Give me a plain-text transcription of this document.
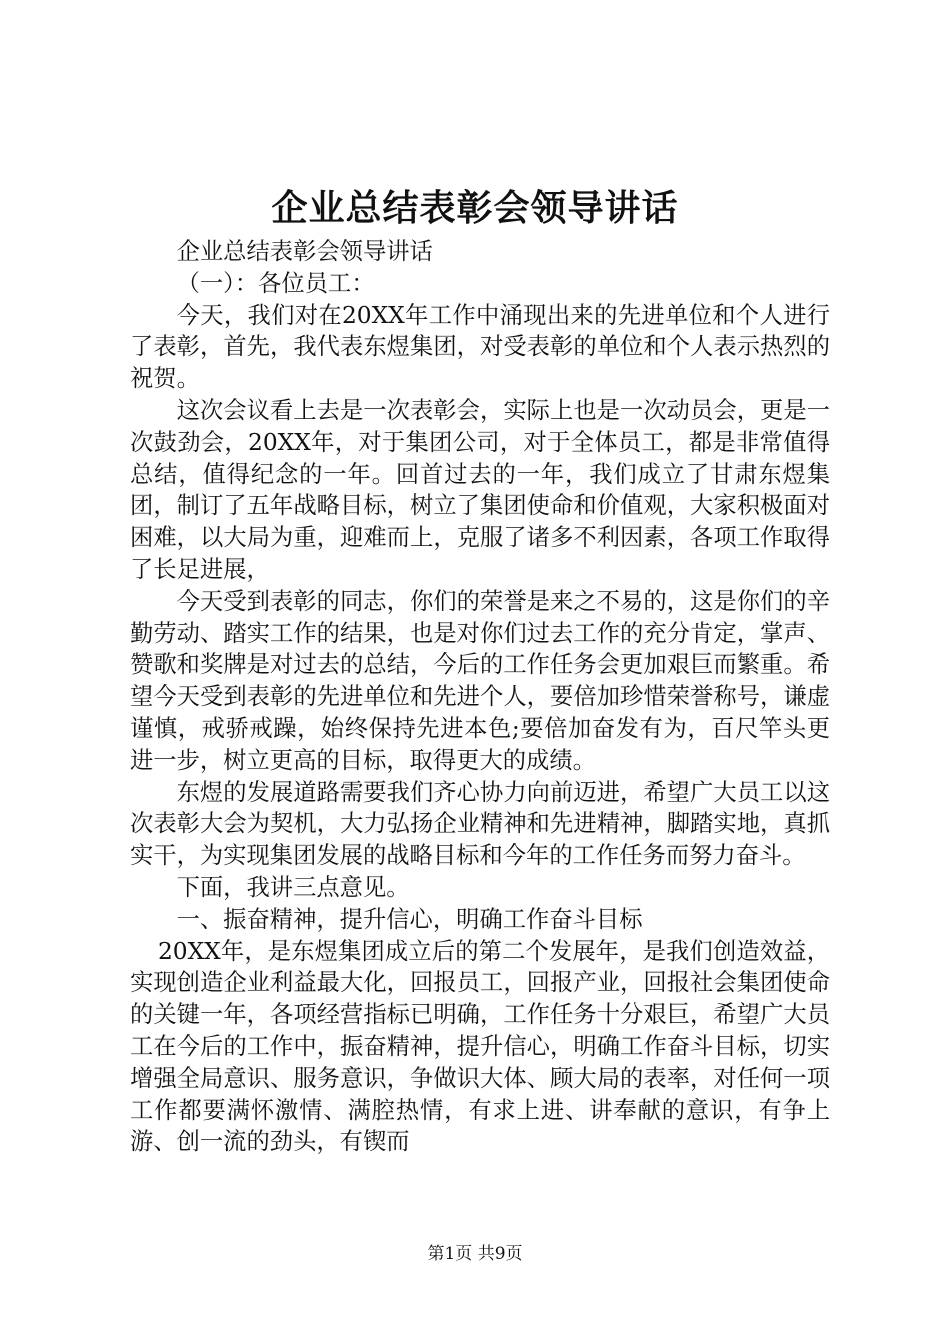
企业总结表彰会领导讲话

企业总结表彰会领导讲话

（一）：各位员工：

今天，我们对在20XX年工作中涌现出来的先进单位和个人进行了表彰，首先，我代表东煜集团，对受表彰的单位和个人表示热烈的祝贺。

这次会议看上去是一次表彰会，实际上也是一次动员会，更是一次鼓劲会，20XX年，对于集团公司，对于全体员工，都是非常值得总结，值得纪念的一年。回首过去的一年，我们成立了甘肃东煜集团，制订了五年战略目标，树立了集团使命和价值观，大家积极面对困难，以大局为重，迎难而上，克服了诸多不利因素，各项工作取得了长足进展，

今天受到表彰的同志，你们的荣誉是来之不易的，这是你们的辛勤劳动、踏实工作的结果，也是对你们过去工作的充分肯定，掌声、赞歌和奖牌是对过去的总结，今后的工作任务会更加艰巨而繁重。希望今天受到表彰的先进单位和先进个人，要倍加珍惜荣誉称号，谦虚谨慎，戒骄戒躁，始终保持先进本色;要倍加奋发有为，百尺竿头更进一步，树立更高的目标，取得更大的成绩。

东煜的发展道路需要我们齐心协力向前迈进，希望广大员工以这次表彰大会为契机，大力弘扬企业精神和先进精神，脚踏实地，真抓实干，为实现集团发展的战略目标和今年的工作任务而努力奋斗。

下面，我讲三点意见。

一、振奋精神，提升信心，明确工作奋斗目标

20XX年，是东煜集团成立后的第二个发展年，是我们创造效益，实现创造企业利益最大化，回报员工，回报产业，回报社会集团使命的关键一年，各项经营指标已明确，工作任务十分艰巨，希望广大员工在今后的工作中，振奋精神，提升信心，明确工作奋斗目标，切实增强全局意识、服务意识，争做识大体、顾大局的表率，对任何一项工作都要满怀激情、满腔热情，有求上进、讲奉献的意识，有争上游、创一流的劲头，有锲而

第1页 共9页
